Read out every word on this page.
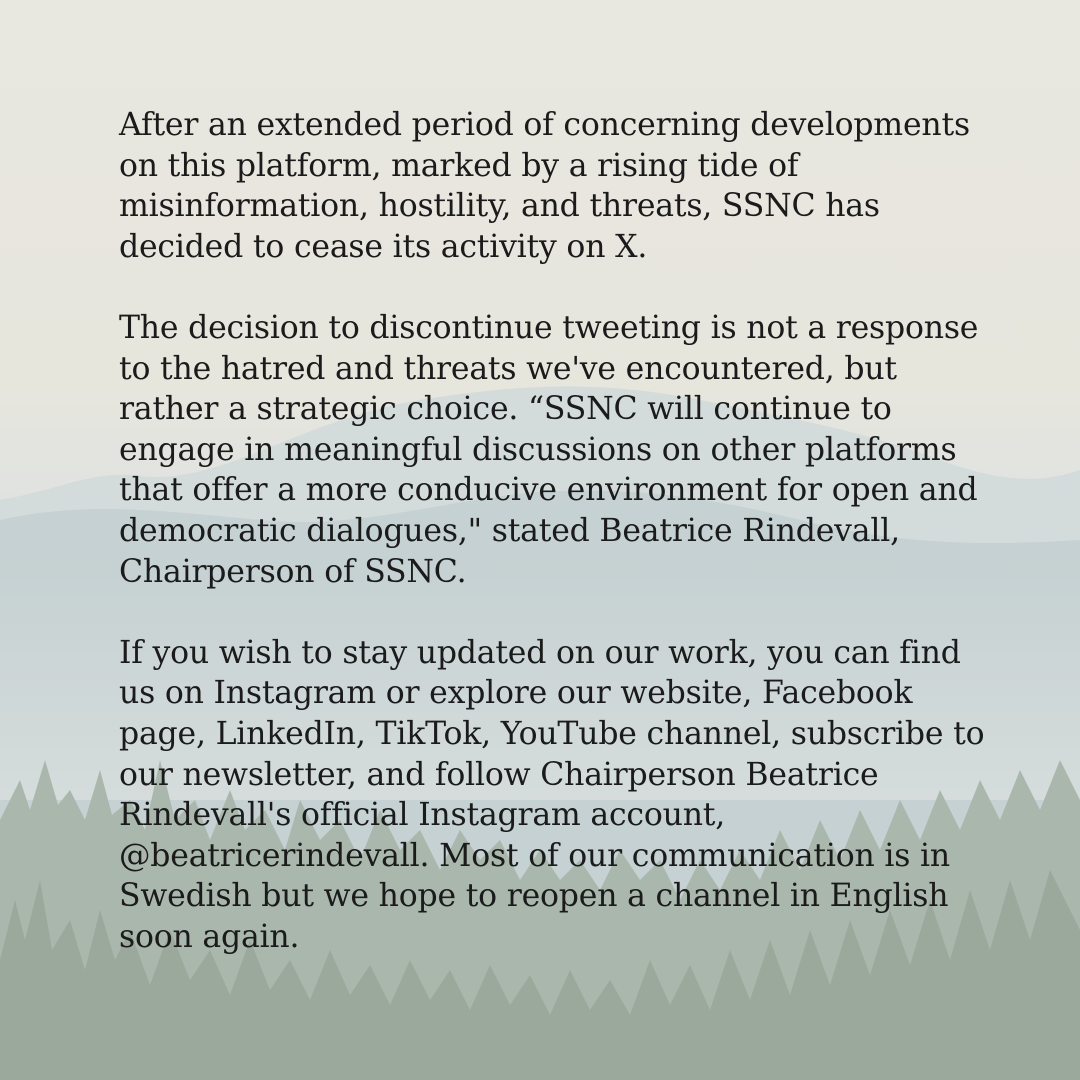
After an extended period of concerning developments on this platform, marked by a rising tide of misinformation, hostility, and threats, SSNC has decided to cease its activity on X.

The decision to discontinue tweeting is not a response to the hatred and threats we've encountered, but rather a strategic choice. “SSNC will continue to engage in meaningful discussions on other platforms that offer a more conducive environment for open and democratic dialogues," stated Beatrice Rindevall, Chairperson of SSNC.

If you wish to stay updated on our work, you can find us on Instagram or explore our website, Facebook page, LinkedIn, TikTok, YouTube channel, subscribe to our newsletter, and follow Chairperson Beatrice Rindevall's official Instagram account, @beatricerindevall. Most of our communication is in Swedish but we hope to reopen a channel in English soon again.
